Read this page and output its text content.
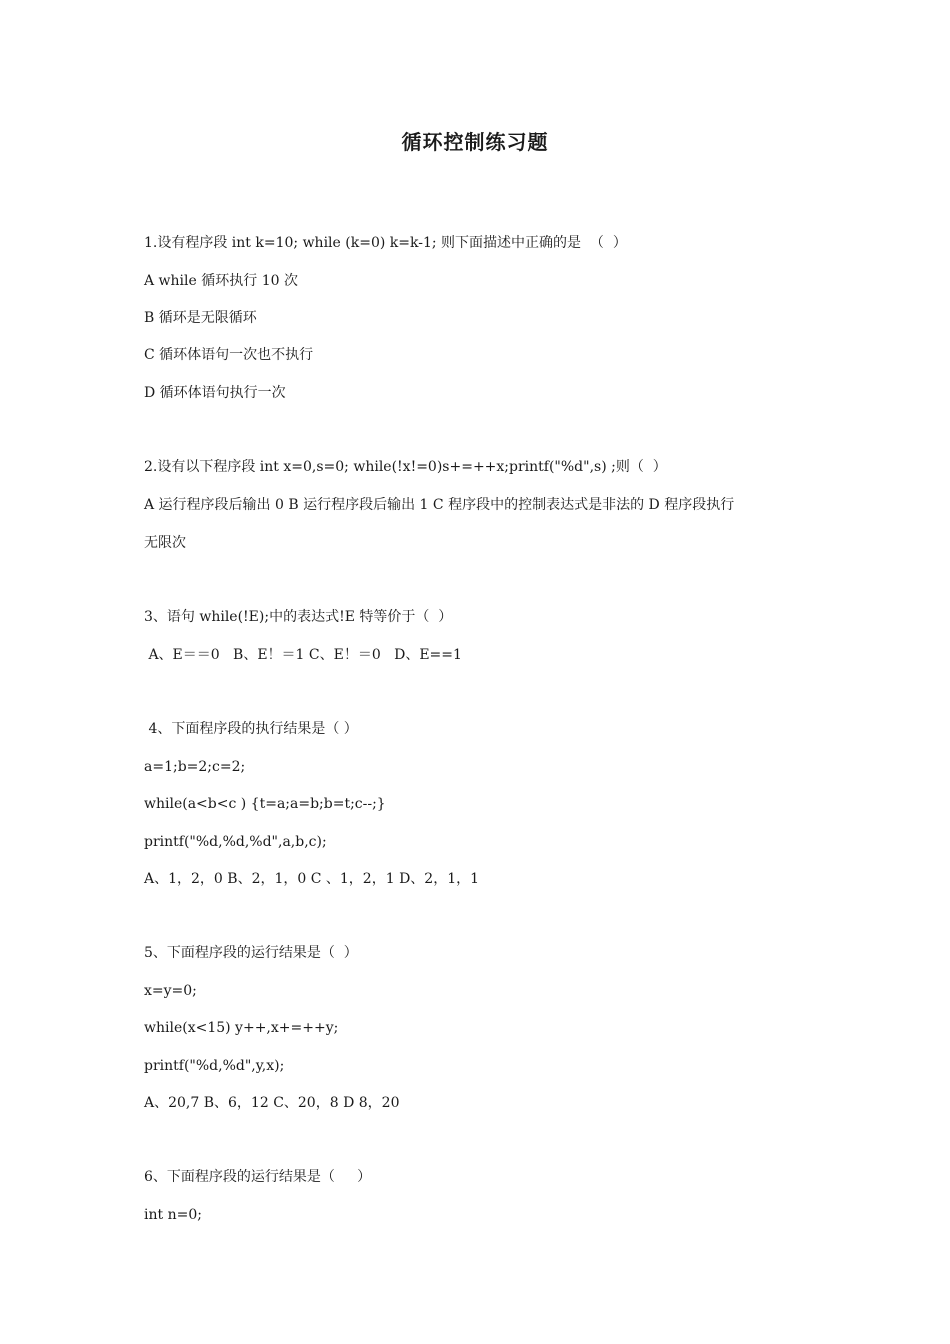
循环控制练习题
1.设有程序段 int k=10; while (k=0) k=k-1; 则下面描述中正确的是  （  ）
A while 循环执行 10 次
B 循环是无限循环
C 循环体语句一次也不执行
D 循环体语句执行一次
2.设有以下程序段 int x=0,s=0; while(!x!=0)s+=++x;printf("%d",s) ;则（  ）
A 运行程序段后输出 0 B 运行程序段后输出 1 C 程序段中的控制表达式是非法的 D 程序段执行
无限次
3、语句 while(!E);中的表达式!E 特等价于（  ）
A、E＝＝0   B、E！＝1 C、E！＝0   D、E==1
4、下面程序段的执行结果是（ ）
a=1;b=2;c=2;
while(a<b<c ) {t=a;a=b;b=t;c--;}
printf("%d,%d,%d",a,b,c);
A、1，2，0 B、2，1，0 C 、1，2，1 D、2，1，1
5、下面程序段的运行结果是（  ）
x=y=0;
while(x<15) y++,x+=++y;
printf("%d,%d",y,x);
A、20,7 B、6，12 C、20，8 D 8，20
6、下面程序段的运行结果是（     ）
int n=0;
